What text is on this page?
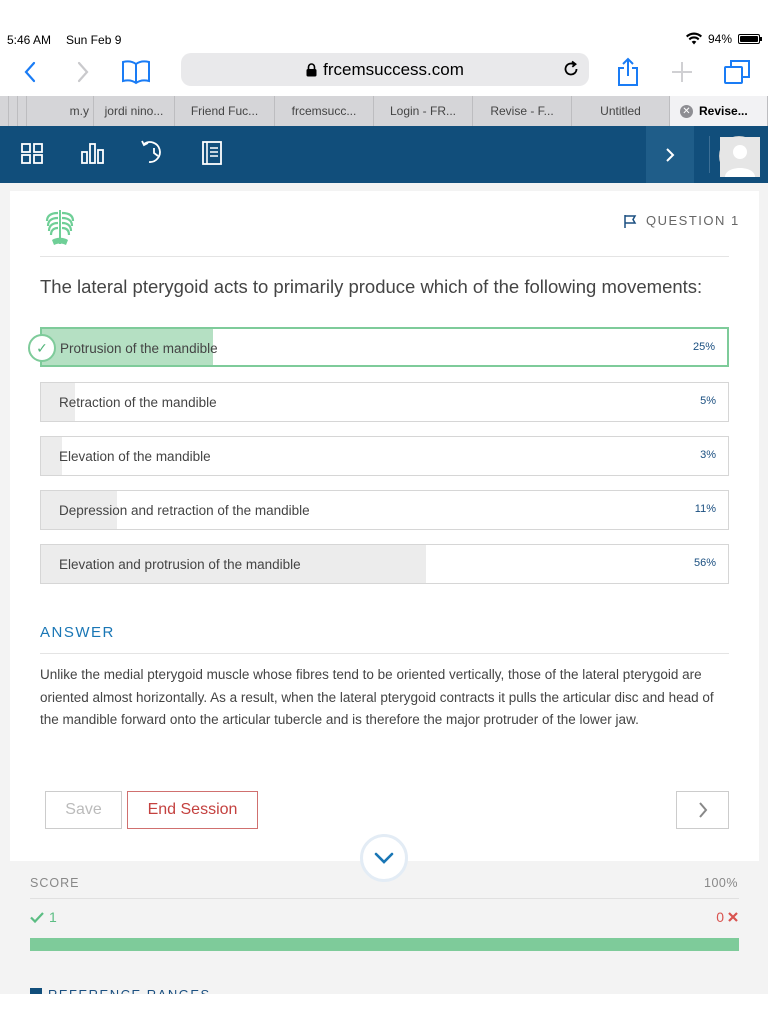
5:46 AM Sun Feb 9	94%
frcemsuccess.com
m.y jordi nino... Friend Fuc...	frcemsucc...	Login - FR...	Revise - F...	Untitled	✕ Revise...
QUESTION 1
The lateral pterygoid acts to primarily produce which of the following movements:
✓ Protrusion of the mandible	25%
Retraction of the mandible	5%
Elevation of the mandible	3%
Depression and retraction of the mandible	11%
Elevation and protrusion of the mandible	56%
ANSWER
Unlike the medial pterygoid muscle whose fibres tend to be oriented vertically, those of the lateral pterygoid are oriented almost horizontally. As a result, when the lateral pterygoid contracts it pulls the articular disc and head of the mandible forward onto the articular tubercle and is therefore the major protruder of the lower jaw.
Save	End Session
SCORE	100%
1	0
